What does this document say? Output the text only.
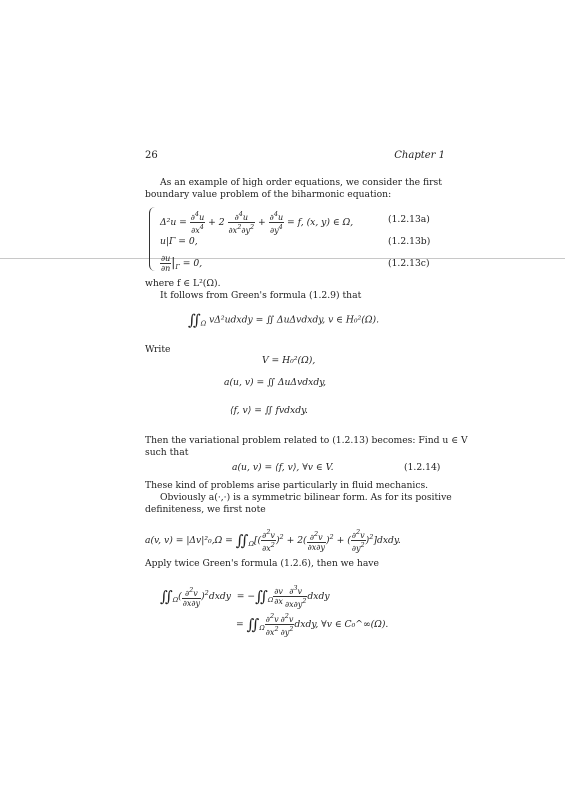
26	Chapter 1
As an example of high order equations, we consider the first
boundary value problem of the biharmonic equation:
$\Delta^2u = \frac{\partial^4u}{\partial x^4} + 2 \frac{\partial^4u}{\partial x^2\partial y^2} + \frac{\partial^4u}{\partial y^4} = f$, (x, y) ∈ Ω,	(1.2.13a)
u|Γ = 0,	(1.2.13b)
$\frac{\partial u}{\partial n} |_\Gamma = 0$,	(1.2.13c)
where f ∈ L²(Ω).
It follows from Green's formula (1.2.9) that
$∬_\Omega$ vΔ²udxdy = ∬ ΔuΔvdxdy, v ∈ H₀²(Ω).
Write
V = H₀²(Ω),
a(u, v) = ∬ ΔuΔvdxdy,
⟨f, v⟩ = ∬ fvdxdy.
Then the variational problem related to (1.2.13) becomes: Find u ∈ V
such that
a(u, v) = ⟨f, v⟩, ∀v ∈ V.	(1.2.14)
These kind of problems arise particularly in fluid mechanics.
Obviously a(·,·) is a symmetric bilinear form. As for its positive
definiteness, we first note
a(v, $v) = |\Delta v|^2_0,\Omega = ∬_\Omega[( \frac{\partial^2v}{\partial x^2} )^2 + 2( \frac{\partial^2v}{\partial x\partial y} )^2$ + ( $\frac{\partial^2v}{\partial y^2}$ )$^2$]dxdy.
Apply twice Green's formula (1.2.6), then we have
$∬_\Omega( \frac{\partial^2v}{\partial x\partial y}$ )$^2$dxdy  = $-∬_\Omega \frac{\partial v}{\partial x} \frac{\partial^3v}{\partial x\partial y^2}$ dxdy
= $∬_\Omega \frac{\partial^2v}{\partial x^2} \frac{\partial^2v}{\partial y^2}$ dxdy, ∀v ∈ C₀^∞(Ω).
